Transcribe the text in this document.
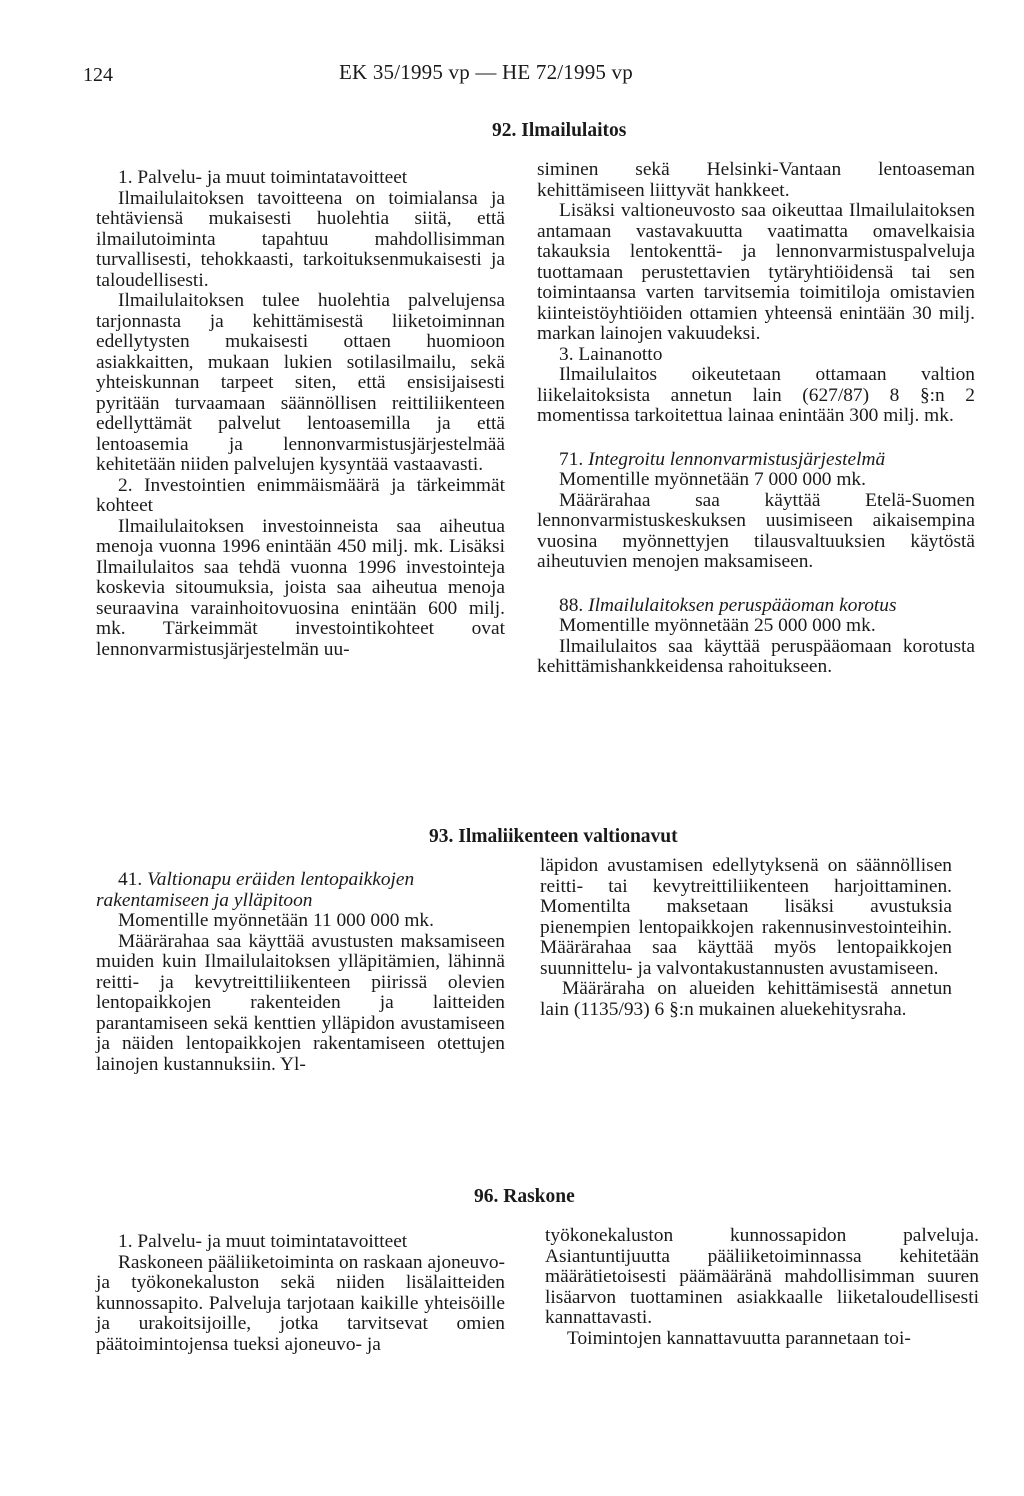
124	EK 35/1995 vp — HE 72/1995 vp
92. Ilmailulaitos

1. Palvelu- ja muut toimintatavoitteet

Ilmailulaitoksen tavoitteena on toimialansa ja tehtäviensä mukaisesti huolehtia siitä, että ilmailutoiminta tapahtuu mahdollisimman turvallisesti, tehokkaasti, tarkoituksenmukaisesti ja taloudellisesti.

Ilmailulaitoksen tulee huolehtia palvelujensa tarjonnasta ja kehittämisestä liiketoiminnan edellytysten mukaisesti ottaen huomioon asiakkaitten, mukaan lukien sotilasilmailu, sekä yhteiskunnan tarpeet siten, että ensisijaisesti pyritään turvaamaan säännöllisen reittiliikenteen edellyttämät palvelut lentoasemilla ja että lentoasemia ja lennonvarmistusjärjestelmää kehitetään niiden palvelujen kysyntää vastaavasti.

2. Investointien enimmäismäärä ja tärkeimmät kohteet

Ilmailulaitoksen investoinneista saa aiheutua menoja vuonna 1996 enintään 450 milj. mk. Lisäksi Ilmailulaitos saa tehdä vuonna 1996 investointeja koskevia sitoumuksia, joista saa aiheutua menoja seuraavina varainhoitovuosina enintään 600 milj. mk. Tärkeimmät investointikohteet ovat lennonvarmistusjärjestelmän uu-

siminen sekä Helsinki-Vantaan lentoaseman kehittämiseen liittyvät hankkeet.

Lisäksi valtioneuvosto saa oikeuttaa Ilmailulaitoksen antamaan vastavakuutta vaatimatta omavelkaisia takauksia lentokenttä- ja lennonvarmistuspalveluja tuottamaan perustettavien tytäryhtiöidensä tai sen toimintaansa varten tarvitsemia toimitiloja omistavien kiinteistöyhtiöiden ottamien yhteensä enintään 30 milj. markan lainojen vakuudeksi.

3. Lainanotto

Ilmailulaitos oikeutetaan ottamaan valtion liikelaitoksista annetun lain (627/87) 8 §:n 2 momentissa tarkoitettua lainaa enintään 300 milj. mk.

71. Integroitu lennonvarmistusjärjestelmä

Momentille myönnetään 7 000 000 mk.

Määrärahaa saa käyttää Etelä-Suomen lennonvarmistuskeskuksen uusimiseen aikaisempina vuosina myönnettyjen tilausvaltuuksien käytöstä aiheutuvien menojen maksamiseen.

88. Ilmailulaitoksen peruspääoman korotus

Momentille myönnetään 25 000 000 mk.

Ilmailulaitos saa käyttää peruspääomaan korotusta kehittämishankkeidensa rahoitukseen.

93. Ilmaliikenteen valtionavut

41. Valtionapu eräiden lentopaikkojen rakentamiseen ja ylläpitoon

Momentille myönnetään 11 000 000 mk.

Määrärahaa saa käyttää avustusten maksamiseen muiden kuin Ilmailulaitoksen ylläpitämien, lähinnä reitti- ja kevytreittiliikenteen piirissä olevien lentopaikkojen rakenteiden ja laitteiden parantamiseen sekä kenttien ylläpidon avustamiseen ja näiden lentopaikkojen rakentamiseen otettujen lainojen kustannuksiin. Yl-

läpidon avustamisen edellytyksenä on säännöllisen reitti- tai kevytreittiliikenteen harjoittaminen. Momentilta maksetaan lisäksi avustuksia pienempien lentopaikkojen rakennusinvestointeihin. Määrärahaa saa käyttää myös lentopaikkojen suunnittelu- ja valvontakustannusten avustamiseen.

Määräraha on alueiden kehittämisestä annetun lain (1135/93) 6 §:n mukainen aluekehitysraha.

96. Raskone

1. Palvelu- ja muut toimintatavoitteet

Raskoneen pääliiketoiminta on raskaan ajoneuvo- ja työkonekaluston sekä niiden lisälaitteiden kunnossapito. Palveluja tarjotaan kaikille yhteisöille ja urakoitsijoille, jotka tarvitsevat omien päätoimintojensa tueksi ajoneuvo- ja

työkonekaluston kunnossapidon palveluja. Asiantuntijuutta pääliiketoiminnassa kehitetään määrätietoisesti päämääränä mahdollisimman suuren lisäarvon tuottaminen asiakkaalle liiketaloudellisesti kannattavasti.

Toimintojen kannattavuutta parannetaan toi-
